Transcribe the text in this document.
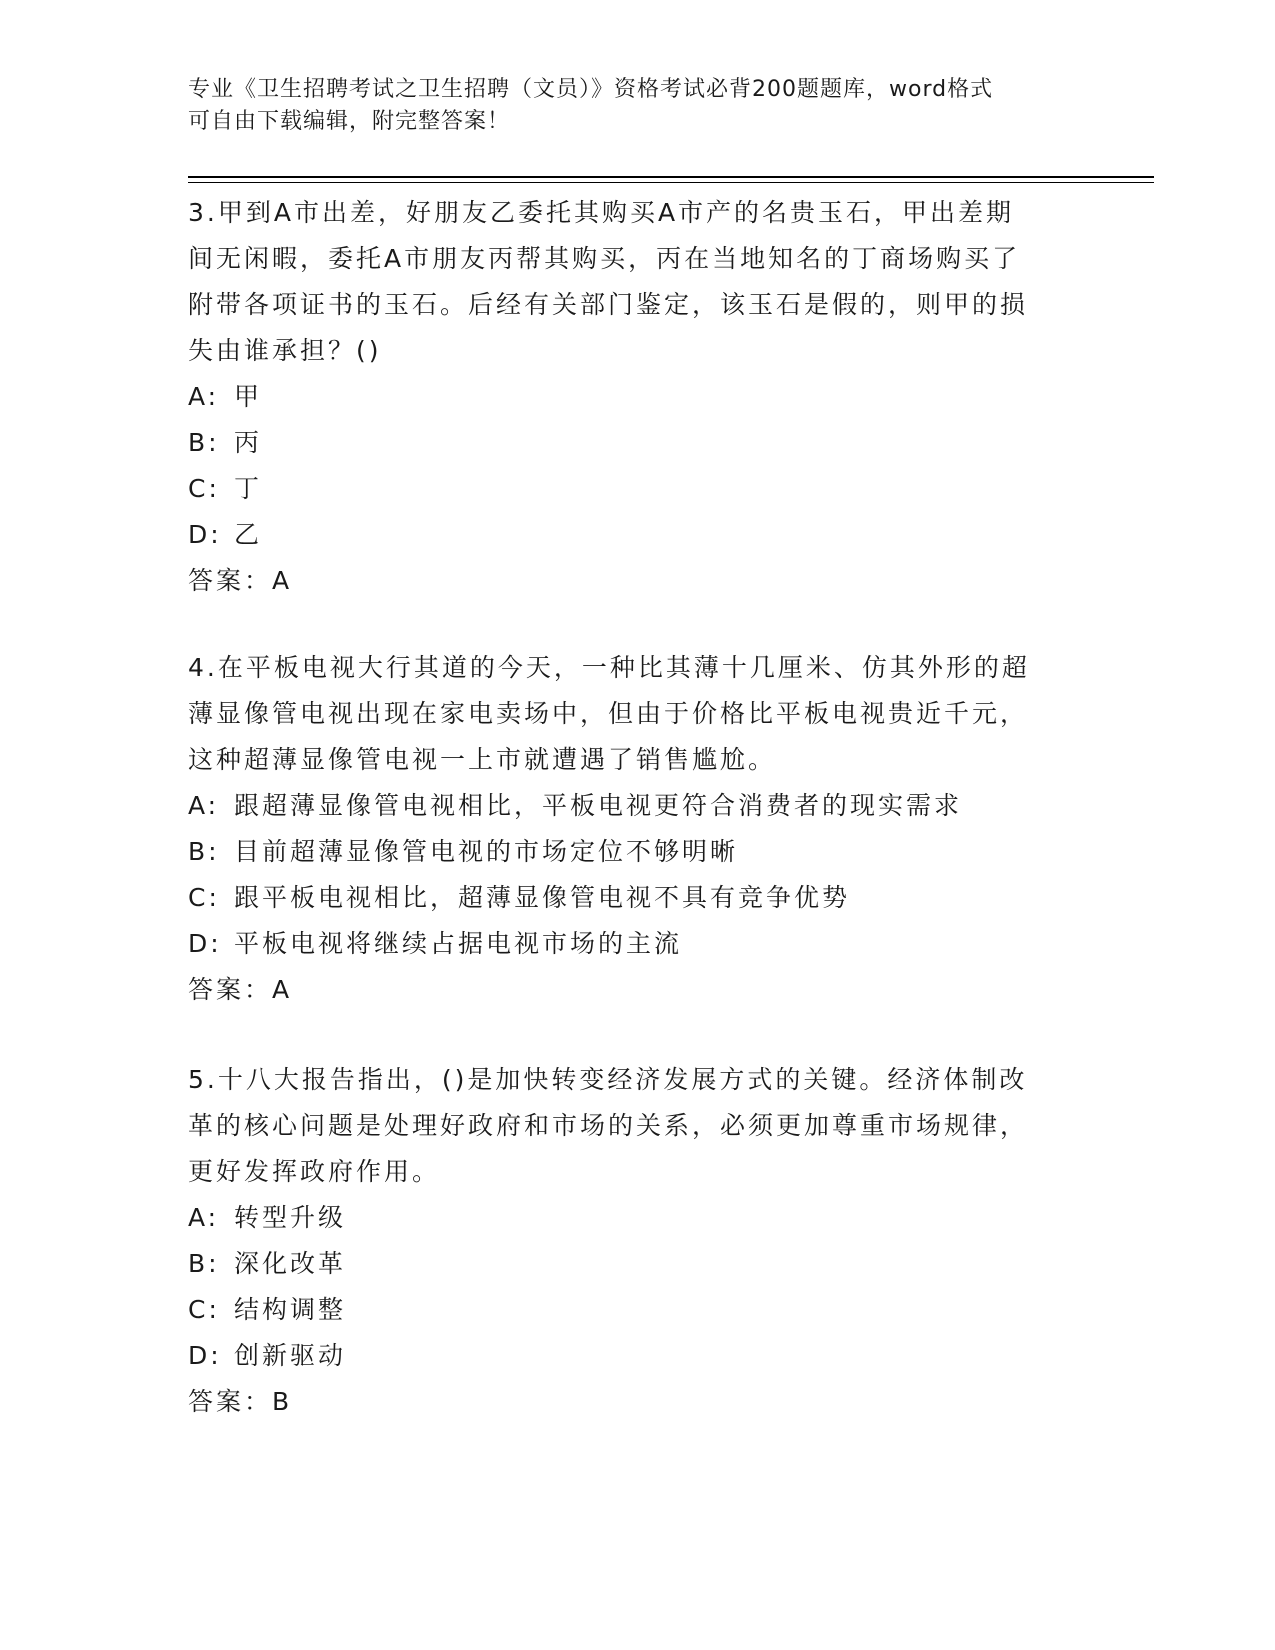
专业《卫生招聘考试之卫生招聘（文员）》资格考试必背200题题库，word格式
可自由下载编辑，附完整答案！
3.甲到A市出差，好朋友乙委托其购买A市产的名贵玉石，甲出差期
间无闲暇，委托A市朋友丙帮其购买，丙在当地知名的丁商场购买了
附带各项证书的玉石。后经有关部门鉴定，该玉石是假的，则甲的损
失由谁承担？()
A: 甲
B: 丙
C: 丁
D: 乙
答案：A
4.在平板电视大行其道的今天，一种比其薄十几厘米、仿其外形的超
薄显像管电视出现在家电卖场中，但由于价格比平板电视贵近千元，
这种超薄显像管电视一上市就遭遇了销售尴尬。
A: 跟超薄显像管电视相比，平板电视更符合消费者的现实需求
B: 目前超薄显像管电视的市场定位不够明晰
C: 跟平板电视相比，超薄显像管电视不具有竞争优势
D: 平板电视将继续占据电视市场的主流
答案：A
5.十八大报告指出，()是加快转变经济发展方式的关键。经济体制改
革的核心问题是处理好政府和市场的关系，必须更加尊重市场规律，
更好发挥政府作用。
A: 转型升级
B: 深化改革
C: 结构调整
D: 创新驱动
答案：B
